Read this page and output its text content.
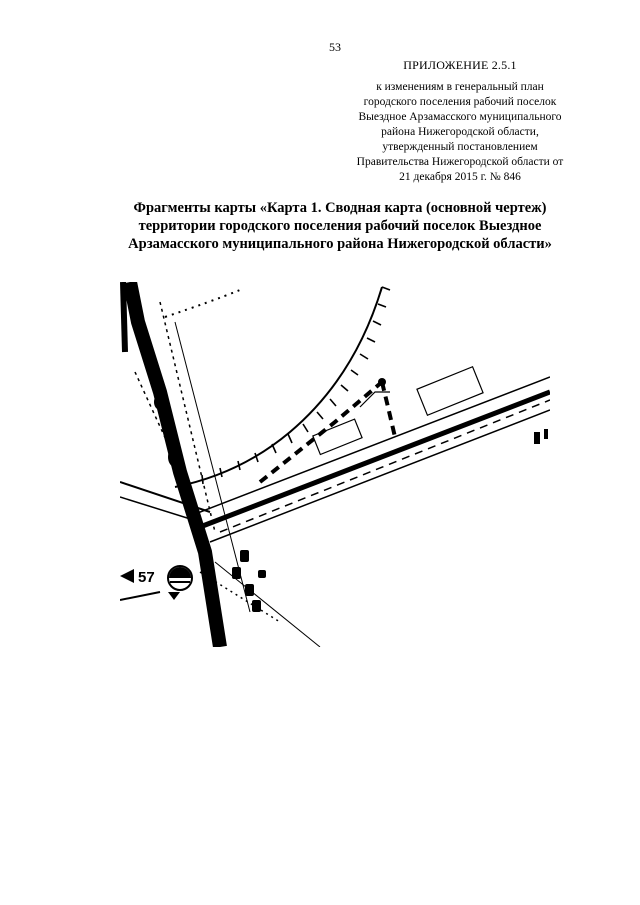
53
ПРИЛОЖЕНИЕ 2.5.1
к изменениям в генеральный план
городского поселения рабочий поселок
Выездное Арзамасского муниципального
района Нижегородской области,
утвержденный постановлением
Правительства Нижегородской области от
21 декабря 2015 г. № 846
Фрагменты карты «Карта 1. Сводная карта (основной чертеж)
территории городского поселения рабочий поселок Выездное
Арзамасского муниципального района Нижегородской области»
57
